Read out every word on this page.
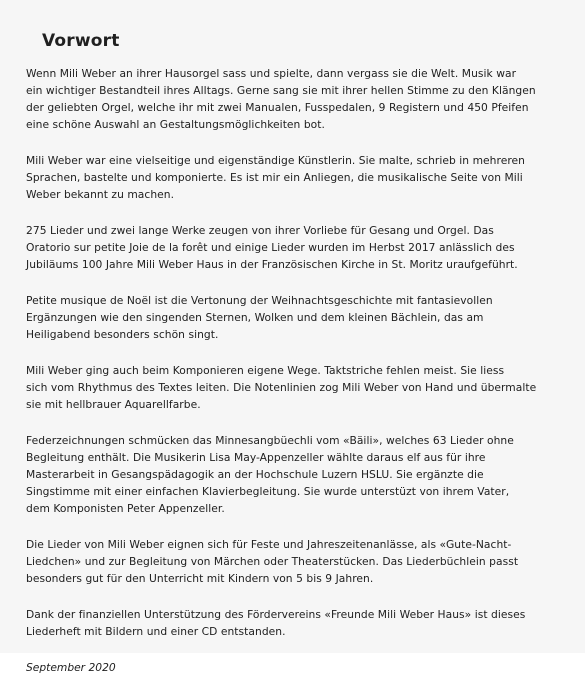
Vorwort

Wenn Mili Weber an ihrer Hausorgel sass und spielte, dann vergass sie die Welt. Musik war
ein wichtiger Bestandteil ihres Alltags. Gerne sang sie mit ihrer hellen Stimme zu den Klängen
der geliebten Orgel, welche ihr mit zwei Manualen, Fusspedalen, 9 Registern und 450 Pfeifen
eine schöne Auswahl an Gestaltungsmöglichkeiten bot.

Mili Weber war eine vielseitige und eigenständige Künstlerin. Sie malte, schrieb in mehreren
Sprachen, bastelte und komponierte. Es ist mir ein Anliegen, die musikalische Seite von Mili
Weber bekannt zu machen.

275 Lieder und zwei lange Werke zeugen von ihrer Vorliebe für Gesang und Orgel. Das
Oratorio sur petite Joie de la forêt und einige Lieder wurden im Herbst 2017 anlässlich des
Jubiläums 100 Jahre Mili Weber Haus in der Französischen Kirche in St. Moritz uraufgeführt.

Petite musique de Noël ist die Vertonung der Weihnachtsgeschichte mit fantasievollen
Ergänzungen wie den singenden Sternen, Wolken und dem kleinen Bächlein, das am
Heiligabend besonders schön singt.

Mili Weber ging auch beim Komponieren eigene Wege. Taktstriche fehlen meist. Sie liess
sich vom Rhythmus des Textes leiten. Die Notenlinien zog Mili Weber von Hand und übermalte
sie mit hellbrauer Aquarellfarbe.

Federzeichnungen schmücken das Minnesangbüechli vom «Bäili», welches 63 Lieder ohne
Begleitung enthält. Die Musikerin Lisa May-Appenzeller wählte daraus elf aus für ihre
Masterarbeit in Gesangspädagogik an der Hochschule Luzern HSLU. Sie ergänzte die
Singstimme mit einer einfachen Klavierbegleitung. Sie wurde unterstüzt von ihrem Vater,
dem Komponisten Peter Appenzeller.

Die Lieder von Mili Weber eignen sich für Feste und Jahreszeitenanlässe, als «Gute-Nacht-
Liedchen» und zur Begleitung von Märchen oder Theaterstücken. Das Liederbüchlein passt
besonders gut für den Unterricht mit Kindern von 5 bis 9 Jahren.

Dank der finanziellen Unterstützung des Fördervereins «Freunde Mili Weber Haus» ist dieses
Liederheft mit Bildern und einer CD entstanden.

September 2020
